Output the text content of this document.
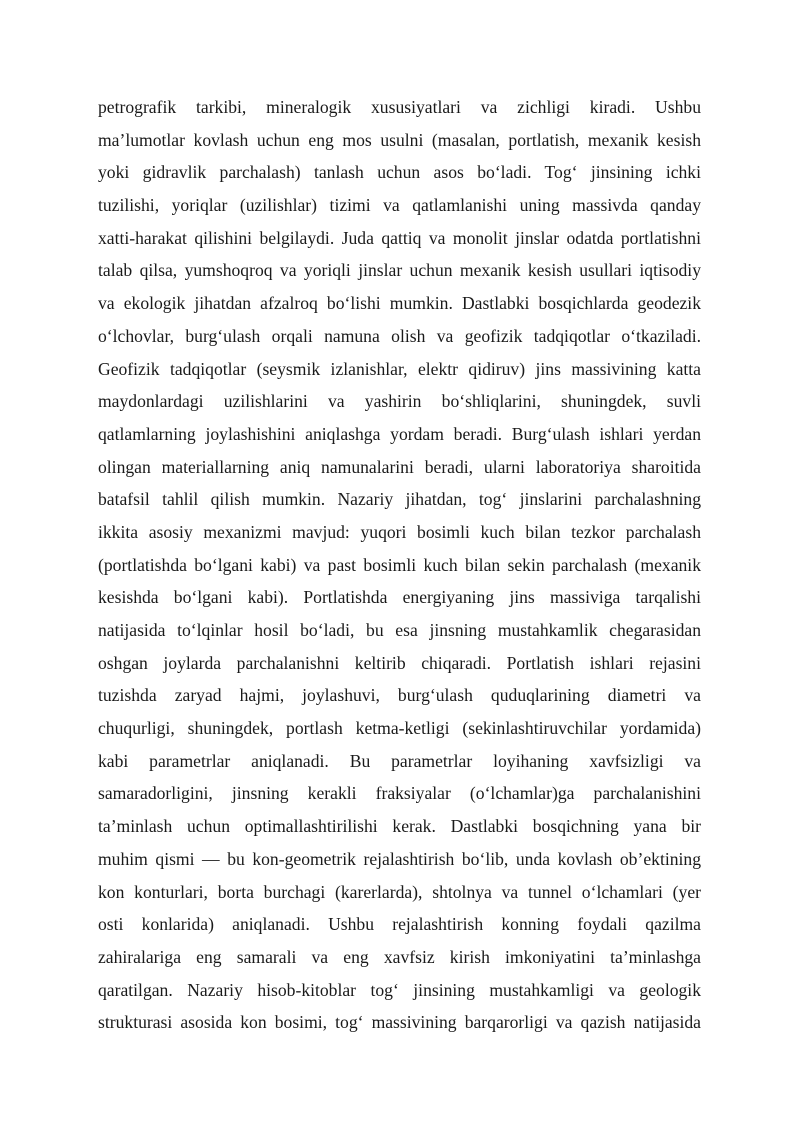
petrografik tarkibi, mineralogik xususiyatlari va zichligi kiradi. Ushbu
ma’lumotlar kovlash uchun eng mos usulni (masalan, portlatish, mexanik kesish
yoki gidravlik parchalash) tanlash uchun asos bo‘ladi. Tog‘ jinsining ichki
tuzilishi, yoriqlar (uzilishlar) tizimi va qatlamlanishi uning massivda qanday
xatti-harakat qilishini belgilaydi. Juda qattiq va monolit jinslar odatda portlatishni
talab qilsa, yumshoqroq va yoriqli jinslar uchun mexanik kesish usullari iqtisodiy
va ekologik jihatdan afzalroq bo‘lishi mumkin. Dastlabki bosqichlarda geodezik
o‘lchovlar, burg‘ulash orqali namuna olish va geofizik tadqiqotlar o‘tkaziladi.
Geofizik tadqiqotlar (seysmik izlanishlar, elektr qidiruv) jins massivining katta
maydonlardagi uzilishlarini va yashirin bo‘shliqlarini, shuningdek, suvli
qatlamlarning joylashishini aniqlashga yordam beradi. Burg‘ulash ishlari yerdan
olingan materiallarning aniq namunalarini beradi, ularni laboratoriya sharoitida
batafsil tahlil qilish mumkin. Nazariy jihatdan, tog‘ jinslarini parchalashning
ikkita asosiy mexanizmi mavjud: yuqori bosimli kuch bilan tezkor parchalash
(portlatishda bo‘lgani kabi) va past bosimli kuch bilan sekin parchalash (mexanik
kesishda bo‘lgani kabi). Portlatishda energiyaning jins massiviga tarqalishi
natijasida to‘lqinlar hosil bo‘ladi, bu esa jinsning mustahkamlik chegarasidan
oshgan joylarda parchalanishni keltirib chiqaradi. Portlatish ishlari rejasini
tuzishda zaryad hajmi, joylashuvi, burg‘ulash quduqlarining diametri va
chuqurligi, shuningdek, portlash ketma-ketligi (sekinlashtiruvchilar yordamida)
kabi parametrlar aniqlanadi. Bu parametrlar loyihaning xavfsizligi va
samaradorligini, jinsning kerakli fraksiyalar (o‘lchamlar)ga parchalanishini
ta’minlash uchun optimallashtirilishi kerak. Dastlabki bosqichning yana bir
muhim qismi — bu kon-geometrik rejalashtirish bo‘lib, unda kovlash ob’ektining
kon konturlari, borta burchagi (karerlarda), shtolnya va tunnel o‘lchamlari (yer
osti konlarida) aniqlanadi. Ushbu rejalashtirish konning foydali qazilma
zahiralariga eng samarali va eng xavfsiz kirish imkoniyatini ta’minlashga
qaratilgan. Nazariy hisob-kitoblar tog‘ jinsining mustahkamligi va geologik
strukturasi asosida kon bosimi, tog‘ massivining barqarorligi va qazish natijasida
